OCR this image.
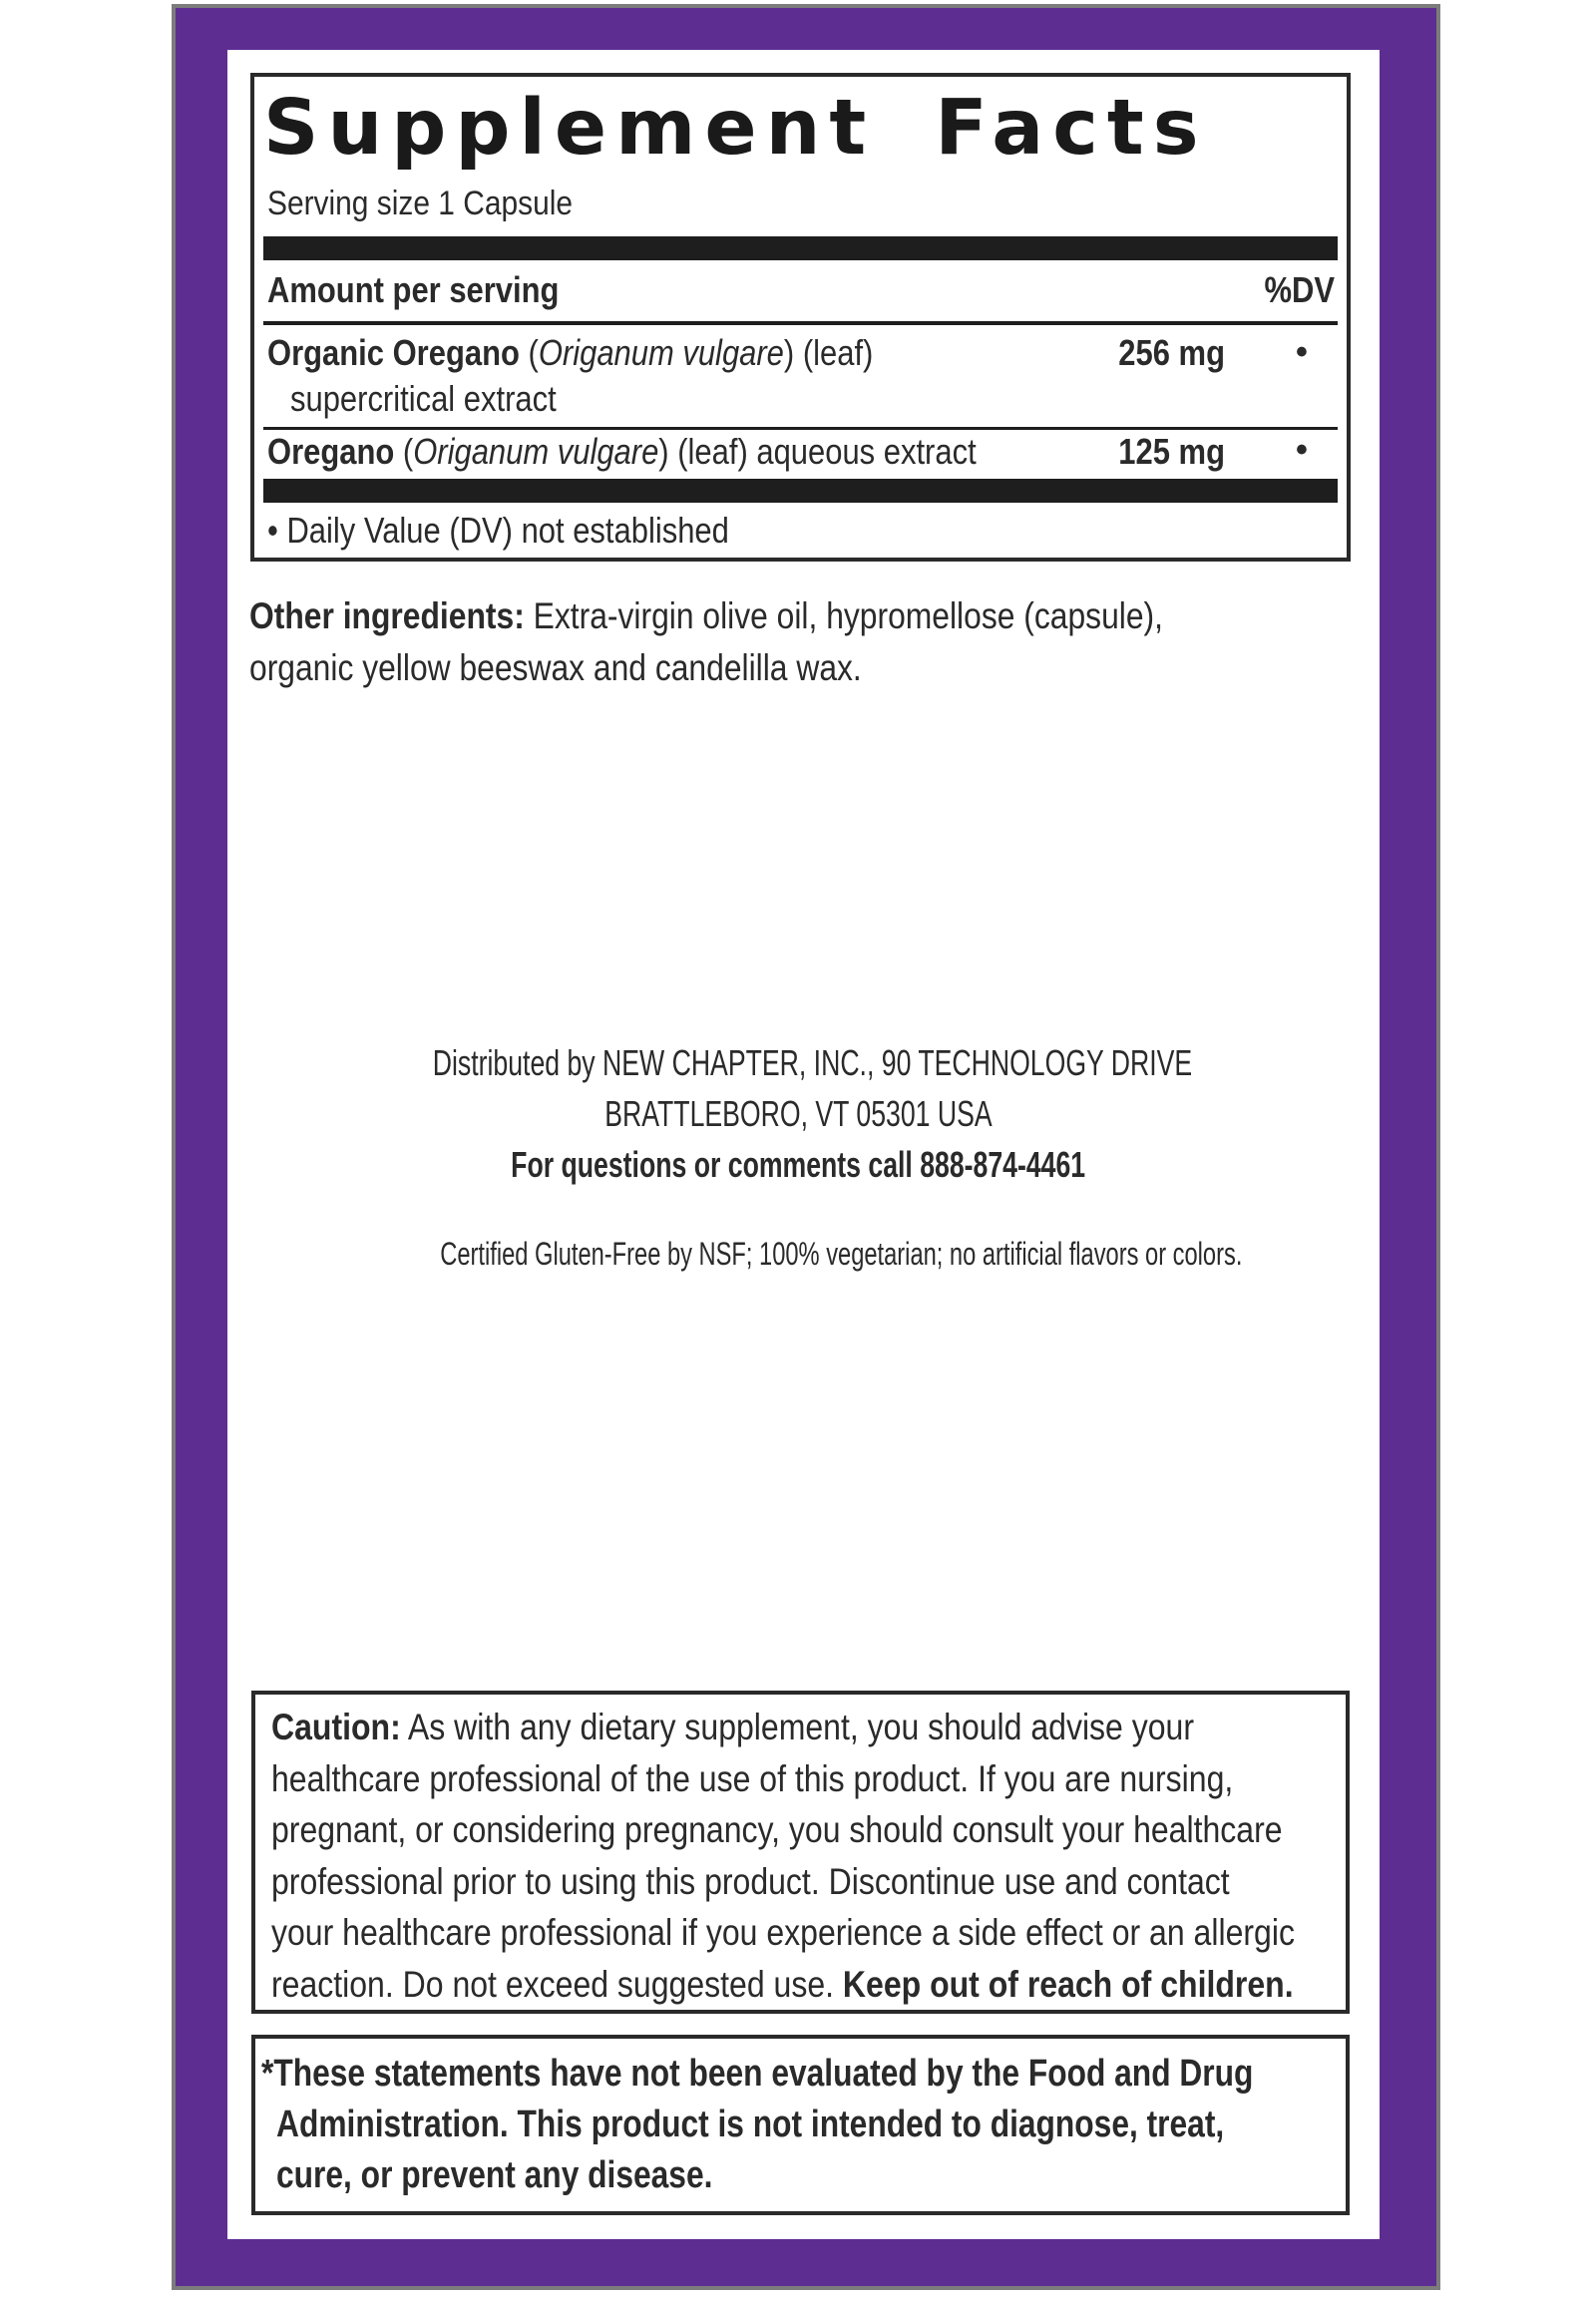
Supplement Facts
Serving size 1 Capsule
Amount per serving	%DV
Organic Oregano (Origanum vulgare) (leaf)
supercritical extract
256 mg •
Oregano (Origanum vulgare) (leaf) aqueous extract	125 mg •
• Daily Value (DV) not established
Other ingredients: Extra-virgin olive oil, hypromellose (capsule),
organic yellow beeswax and candelilla wax.
Distributed by NEW CHAPTER, INC., 90 TECHNOLOGY DRIVE
BRATTLEBORO, VT 05301 USA
For questions or comments call 888-874-4461
Certified Gluten-Free by NSF; 100% vegetarian; no artificial flavors or colors.
Caution: As with any dietary supplement, you should advise your
healthcare professional of the use of this product. If you are nursing,
pregnant, or considering pregnancy, you should consult your healthcare
professional prior to using this product. Discontinue use and contact
your healthcare professional if you experience a side effect or an allergic
reaction. Do not exceed suggested use. Keep out of reach of children.
*These statements have not been evaluated by the Food and Drug
Administration. This product is not intended to diagnose, treat,
cure, or prevent any disease.
